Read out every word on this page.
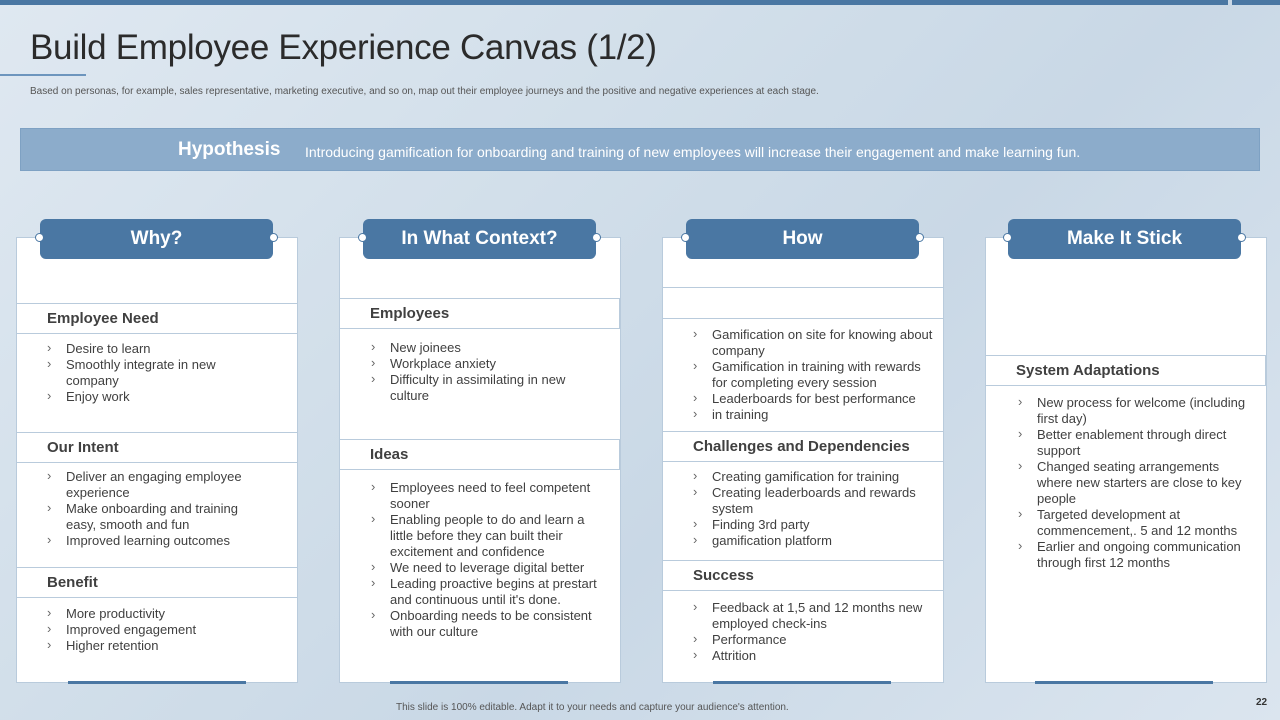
Build Employee Experience Canvas (1/2)
Based on personas, for example, sales representative, marketing executive, and so on, map out their employee journeys and the positive and negative experiences at each stage.
Hypothesis Introducing gamification for onboarding and training of new employees will increase their engagement and make learning fun.
Employee Need
› Desire to learn
› Smoothly integrate in new company
› Enjoy work
Our Intent
› Deliver an engaging employee experience
› Make onboarding and training easy, smooth and fun
› Improved learning outcomes
Benefit
› More productivity
› Improved engagement
› Higher retention
Why?
Employees
› New joinees
› Workplace anxiety
› Difficulty in assimilating in new culture
Ideas
› Employees need to feel competent sooner
› Enabling people to do and learn a little before they can built their excitement and confidence
› We need to leverage digital better
› Leading proactive begins at prestart and continuous until it's done.
› Onboarding needs to be consistent with our culture
In What Context?
› Gamification on site for knowing about company
› Gamification in training with rewards for completing every session
› Leaderboards for best performance
› in training
Challenges and Dependencies
› Creating gamification for training
› Creating leaderboards and rewards system
› Finding 3rd party
› gamification platform
Success
› Feedback at 1,5 and 12 months new employed check-ins
› Performance
› Attrition
How
System Adaptations
› New process for welcome (including first day)
› Better enablement through direct support
› Changed seating arrangements where new starters are close to key people
› Targeted development at commencement,. 5 and 12 months
› Earlier and ongoing communication through first 12 months
Make It Stick
This slide is 100% editable. Adapt it to your needs and capture your audience's attention.	22
